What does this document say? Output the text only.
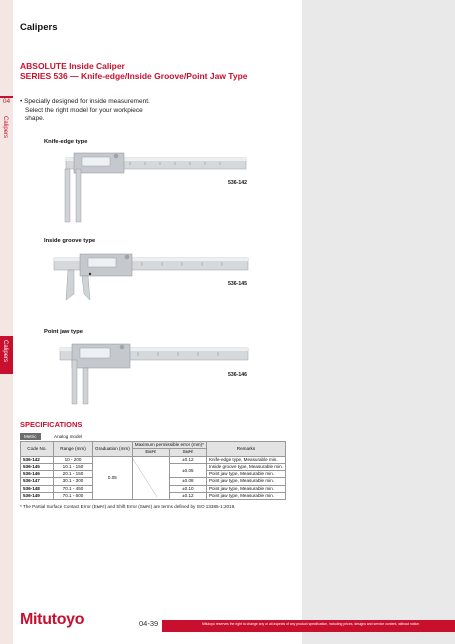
04
Calipers
Calipers
Calipers
ABSOLUTE Inside Caliper
SERIES 536 — Knife-edge/Inside Groove/Point Jaw Type
• Specially designed for inside measurement.
Select the right model for your workpiece
shape.
Knife-edge type
536-142
Inside groove type
536-145
Point jaw type
536-146
SPECIFICATIONS
Metric	Analog model
Code No.	Range (mm)	Graduation (mm)	Maximum permissible error (mm)*		Remarks
			Eᴍᴘᴇ	Sᴍᴘᴇ	
536-142	10 - 200	0.05		±0.12	Knife-edge type, Measurable min.
536-145	10.1 - 150			±0.05	Inside groove type, Measurable min.
536-146	20.1 - 150				Point jaw type, Measurable min.
536-147	30.1 - 300			±0.08	Point jaw type, Measurable min.
536-148	70.1 - 450			±0.10	Point jaw type, Measurable min.
536-149	70.1 - 600			±0.12	Point jaw type, Measurable min.
* The Partial Surface Contact Error (Eᴍᴘᴇ) and Shift Error (Sᴍᴘᴇ) are terms defined by ISO 13385-1:2019.
Mitutoyo	04-39	Mitutoyo reserves the right to change any or all aspects of any product specification, including prices, designs and service content, without notice.
